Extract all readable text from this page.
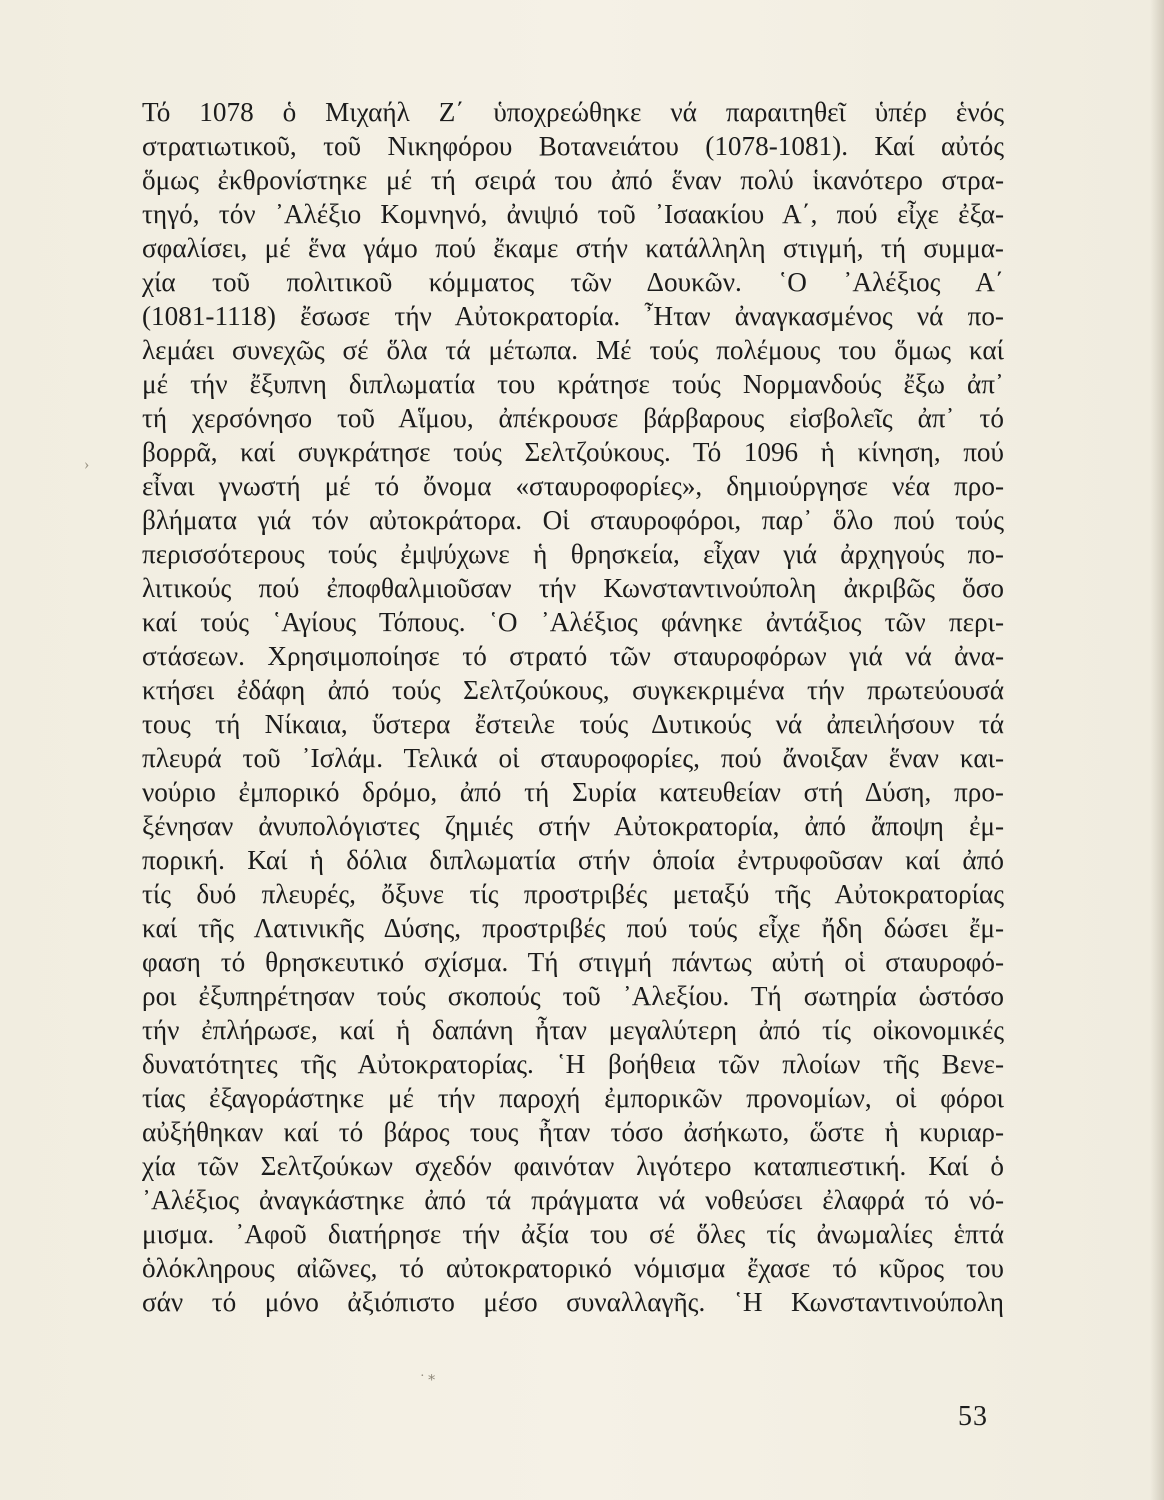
Τό 1078 ὁ Μιχαήλ Ζ΄ ὑποχρεώθηκε νά παραιτηθεῖ ὑπέρ ἑνός
στρατιωτικοῦ, τοῦ Νικηφόρου Βοτανειάτου (1078-1081). Καί αὐτός
ὅμως ἐκθρονίστηκε μέ τή σειρά του ἀπό ἕναν πολύ ἱκανότερο στρα-
τηγό, τόν ᾿Αλέξιο Κομνηνό, ἀνιψιό τοῦ ᾿Ισαακίου Α΄, πού εἶχε ἐξα-
σφαλίσει, μέ ἕνα γάμο πού ἔκαμε στήν κατάλληλη στιγμή, τή συμμα-
χία τοῦ πολιτικοῦ κόμματος τῶν Δουκῶν. ῾Ο ᾿Αλέξιος Α΄
(1081-1118) ἔσωσε τήν Αὐτοκρατορία. ῏Ηταν ἀναγκασμένος νά πο-
λεμάει συνεχῶς σέ ὅλα τά μέτωπα. Μέ τούς πολέμους του ὅμως καί
μέ τήν ἔξυπνη διπλωματία του κράτησε τούς Νορμανδούς ἔξω ἀπ᾿
τή χερσόνησο τοῦ Αἵμου, ἀπέκρουσε βάρβαρους εἰσβολεῖς ἀπ᾿ τό
βορρᾶ, καί συγκράτησε τούς Σελτζούκους. Τό 1096 ἡ κίνηση, πού
εἶναι γνωστή μέ τό ὄνομα «σταυροφορίες», δημιούργησε νέα προ-
βλήματα γιά τόν αὐτοκράτορα. Οἱ σταυροφόροι, παρ᾿ ὅλο πού τούς
περισσότερους τούς ἐμψύχωνε ἡ θρησκεία, εἶχαν γιά ἀρχηγούς πο-
λιτικούς πού ἐποφθαλμιοῦσαν τήν Κωνσταντινούπολη ἀκριβῶς ὅσο
καί τούς ῾Αγίους Τόπους. ῾Ο ᾿Αλέξιος φάνηκε ἀντάξιος τῶν περι-
στάσεων. Χρησιμοποίησε τό στρατό τῶν σταυροφόρων γιά νά ἀνα-
κτήσει ἐδάφη ἀπό τούς Σελτζούκους, συγκεκριμένα τήν πρωτεύουσά
τους τή Νίκαια, ὕστερα ἔστειλε τούς Δυτικούς νά ἀπειλήσουν τά
πλευρά τοῦ ᾿Ισλάμ. Τελικά οἱ σταυροφορίες, πού ἄνοιξαν ἕναν και-
νούριο ἐμπορικό δρόμο, ἀπό τή Συρία κατευθείαν στή Δύση, προ-
ξένησαν ἀνυπολόγιστες ζημιές στήν Αὐτοκρατορία, ἀπό ἄποψη ἐμ-
πορική. Καί ἡ δόλια διπλωματία στήν ὁποία ἐντρυφοῦσαν καί ἀπό
τίς δυό πλευρές, ὄξυνε τίς προστριβές μεταξύ τῆς Αὐτοκρατορίας
καί τῆς Λατινικῆς Δύσης, προστριβές πού τούς εἶχε ἤδη δώσει ἔμ-
φαση τό θρησκευτικό σχίσμα. Τή στιγμή πάντως αὐτή οἱ σταυροφό-
ροι ἐξυπηρέτησαν τούς σκοπούς τοῦ ᾿Αλεξίου. Τή σωτηρία ὡστόσο
τήν ἐπλήρωσε, καί ἡ δαπάνη ἦταν μεγαλύτερη ἀπό τίς οἰκονομικές
δυνατότητες τῆς Αὐτοκρατορίας. ῾Η βοήθεια τῶν πλοίων τῆς Βενε-
τίας ἐξαγοράστηκε μέ τήν παροχή ἐμπορικῶν προνομίων, οἱ φόροι
αὐξήθηκαν καί τό βάρος τους ἦταν τόσο ἀσήκωτο, ὥστε ἡ κυριαρ-
χία τῶν Σελτζούκων σχεδόν φαινόταν λιγότερο καταπιεστική. Καί ὁ
᾿Αλέξιος ἀναγκάστηκε ἀπό τά πράγματα νά νοθεύσει ἐλαφρά τό νό-
μισμα. ᾿Αφοῦ διατήρησε τήν ἀξία του σέ ὅλες τίς ἀνωμαλίες ἑπτά
ὁλόκληρους αἰῶνες, τό αὐτοκρατορικό νόμισμα ἔχασε τό κῦρος του
σάν τό μόνο ἀξιόπιστο μέσο συναλλαγῆς. ῾Η Κωνσταντινούπολη
›
· ⁎
53
